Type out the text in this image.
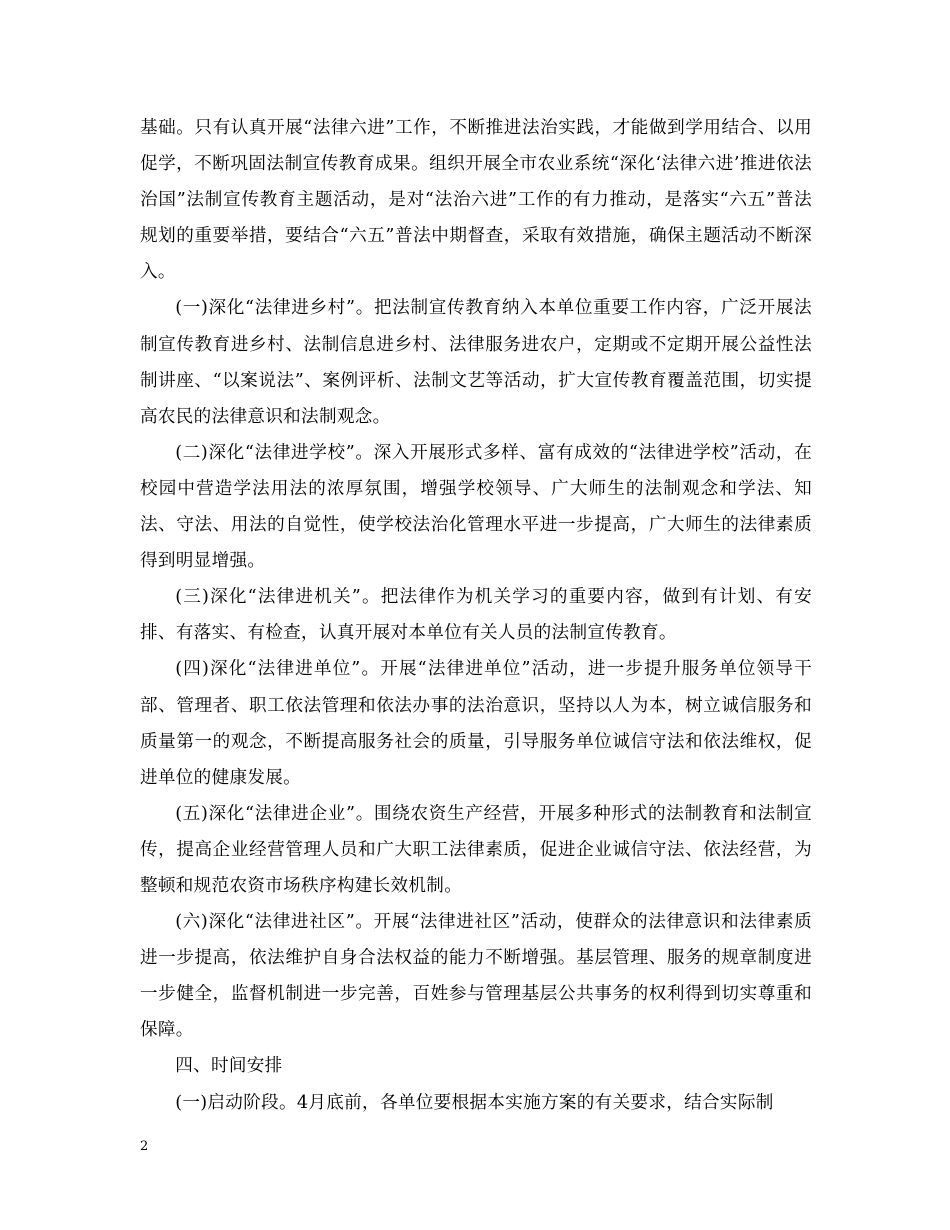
基础。只有认真开展“法律六进”工作，不断推进法治实践，才能做到学用结合、以用促学，不断巩固法制宣传教育成果。组织开展全市农业系统“深化‘法律六进’推进依法治国”法制宣传教育主题活动，是对“法治六进”工作的有力推动，是落实“六五”普法规划的重要举措，要结合“六五”普法中期督查，采取有效措施，确保主题活动不断深入。

(一)深化“法律进乡村”。把法制宣传教育纳入本单位重要工作内容，广泛开展法制宣传教育进乡村、法制信息进乡村、法律服务进农户，定期或不定期开展公益性法制讲座、“以案说法”、案例评析、法制文艺等活动，扩大宣传教育覆盖范围，切实提高农民的法律意识和法制观念。

(二)深化“法律进学校”。深入开展形式多样、富有成效的“法律进学校”活动，在校园中营造学法用法的浓厚氛围，增强学校领导、广大师生的法制观念和学法、知法、守法、用法的自觉性，使学校法治化管理水平进一步提高，广大师生的法律素质得到明显增强。

(三)深化“法律进机关”。把法律作为机关学习的重要内容，做到有计划、有安排、有落实、有检查，认真开展对本单位有关人员的法制宣传教育。

(四)深化“法律进单位”。开展“法律进单位”活动，进一步提升服务单位领导干部、管理者、职工依法管理和依法办事的法治意识，坚持以人为本，树立诚信服务和质量第一的观念，不断提高服务社会的质量，引导服务单位诚信守法和依法维权，促进单位的健康发展。

(五)深化“法律进企业”。围绕农资生产经营，开展多种形式的法制教育和法制宣传，提高企业经营管理人员和广大职工法律素质，促进企业诚信守法、依法经营，为整顿和规范农资市场秩序构建长效机制。

(六)深化“法律进社区”。开展“法律进社区”活动，使群众的法律意识和法律素质进一步提高，依法维护自身合法权益的能力不断增强。基层管理、服务的规章制度进一步健全，监督机制进一步完善，百姓参与管理基层公共事务的权利得到切实尊重和保障。

四、时间安排

(一)启动阶段。4月底前，各单位要根据本实施方案的有关要求，结合实际制

2
